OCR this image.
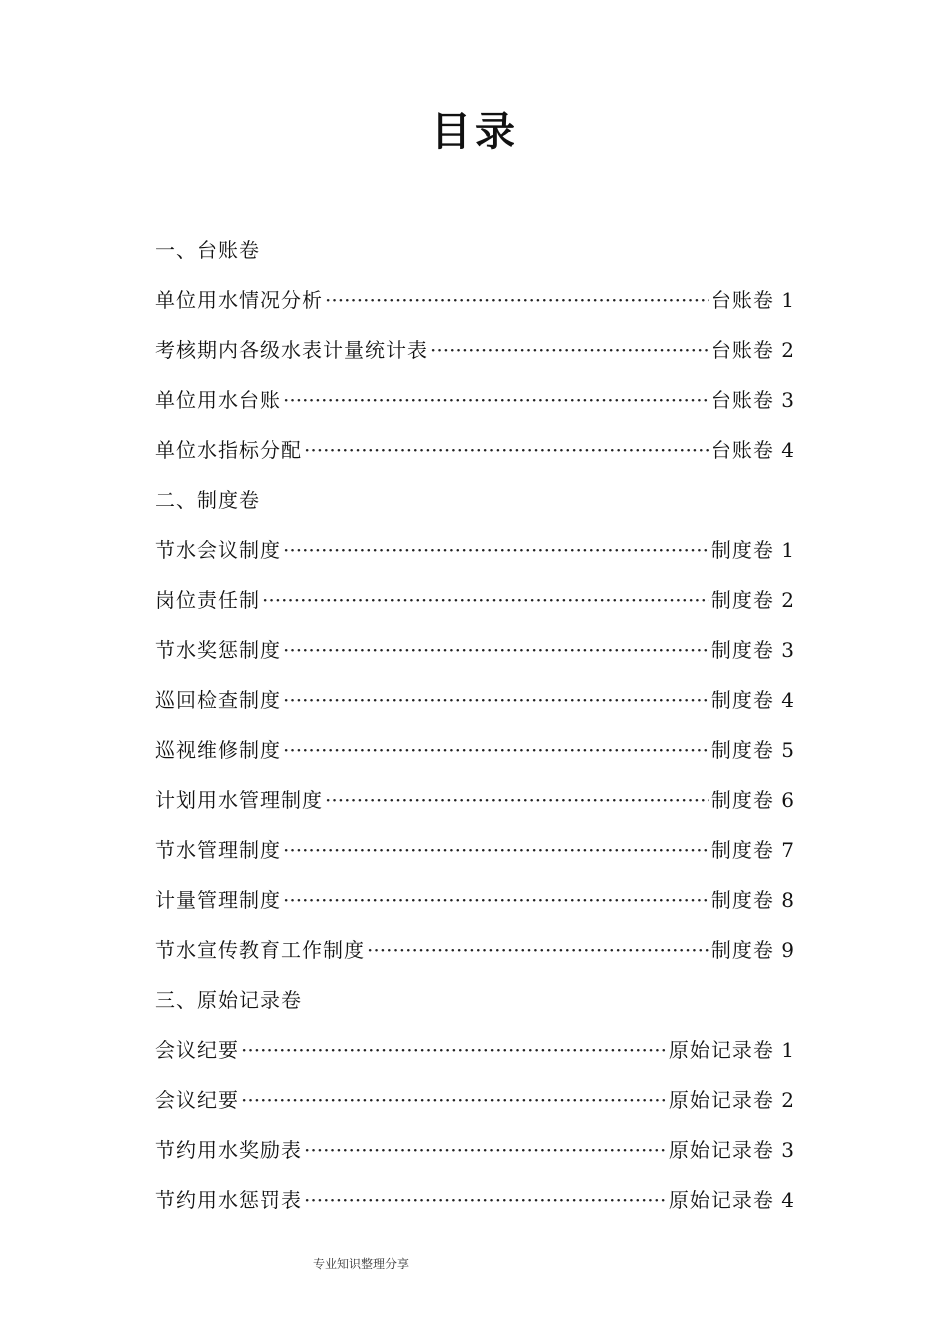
目录
一、台账卷
单位用水情况分析 ·····	台账卷 1
考核期内各级水表计量统计表 ·····	台账卷 2
单位用水台账 ·····	台账卷 3
单位水指标分配 ·····	台账卷 4
二、制度卷
节水会议制度 ·····	制度卷 1
岗位责任制 ·····	制度卷 2
节水奖惩制度 ·····	制度卷 3
巡回检查制度 ·····	制度卷 4
巡视维修制度 ·····	制度卷 5
计划用水管理制度 ·····	制度卷 6
节水管理制度 ·····	制度卷 7
计量管理制度 ·····	制度卷 8
节水宣传教育工作制度 ·····	制度卷 9
三、原始记录卷
会议纪要 ·····	原始记录卷 1
会议纪要 ·····	原始记录卷 2
节约用水奖励表 ·····	原始记录卷 3
节约用水惩罚表 ·····	原始记录卷 4
专业知识整理分享
